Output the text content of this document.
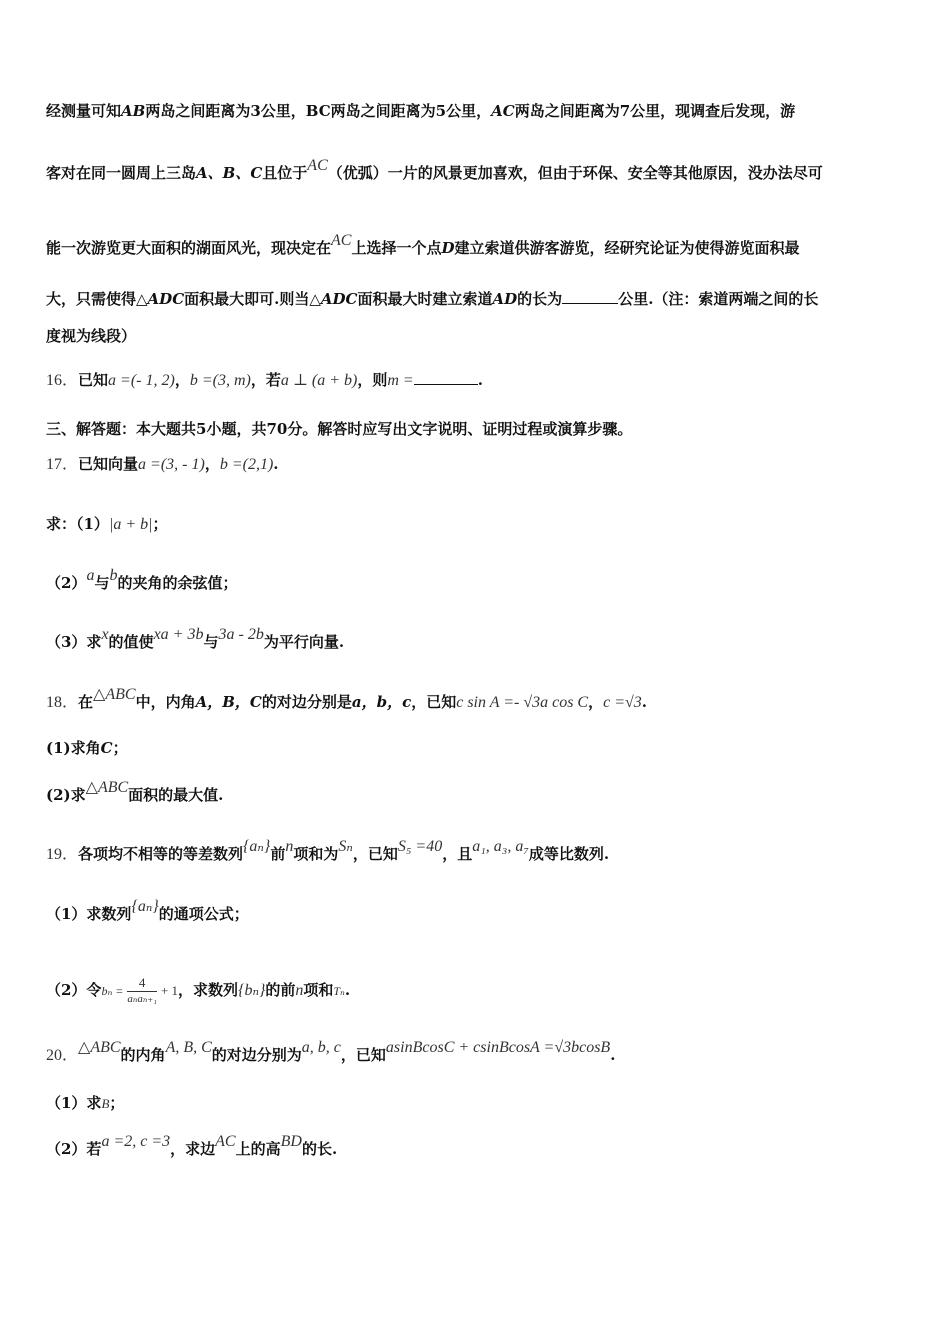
经测量可知AB两岛之间距离为3公里，BC两岛之间距离为5公里，AC两岛之间距离为7公里，现调查后发现，游
客对在同一圆周上三岛A、B、C且位于AC（优弧）一片的风景更加喜欢，但由于环保、安全等其他原因，没办法尽可
能一次游览更大面积的湖面风光，现决定在AC上选择一个点D建立索道供游客游览，经研究论证为使得游览面积最
大，只需使得△ADC面积最大即可.则当△ADC面积最大时建立索道AD的长为	公里.（注：索道两端之间的长
度视为线段）
16．已知a =(- 1, 2)，b =(3, m)，若a ⊥ (a + b)，则m =	.
三、解答题：本大题共5小题，共70分。解答时应写出文字说明、证明过程或演算步骤。
17．已知向量a =(3, - 1)，b =(2,1).
求：（1）|a + b|；
（2）a与b的夹角的余弦值；
（3）求x的值使xa + 3b与3a - 2b为平行向量.
18．在△ABC中，内角A，B，C的对边分别是a，b，c，已知c sin A =- √3a cos C，c =√3.
(1)求角C；
(2)求△ABC面积的最大值.
19．各项均不相等的等差数列{aₙ}前n项和为Sₙ，已知S₅ =40，且a₁, a₃, a₇成等比数列.
（1）求数列{aₙ}的通项公式；
（2）令bₙ =
4
aₙaₙ₊₁
+ 1，求数列{bₙ}的前n项和Tₙ.
20．△ABC的内角A, B, C的对边分别为a, b, c，已知asinBcosC + csinBcosA =√3bcosB.
（1）求B；
（2）若a =2, c =3，求边AC上的高BD的长.
